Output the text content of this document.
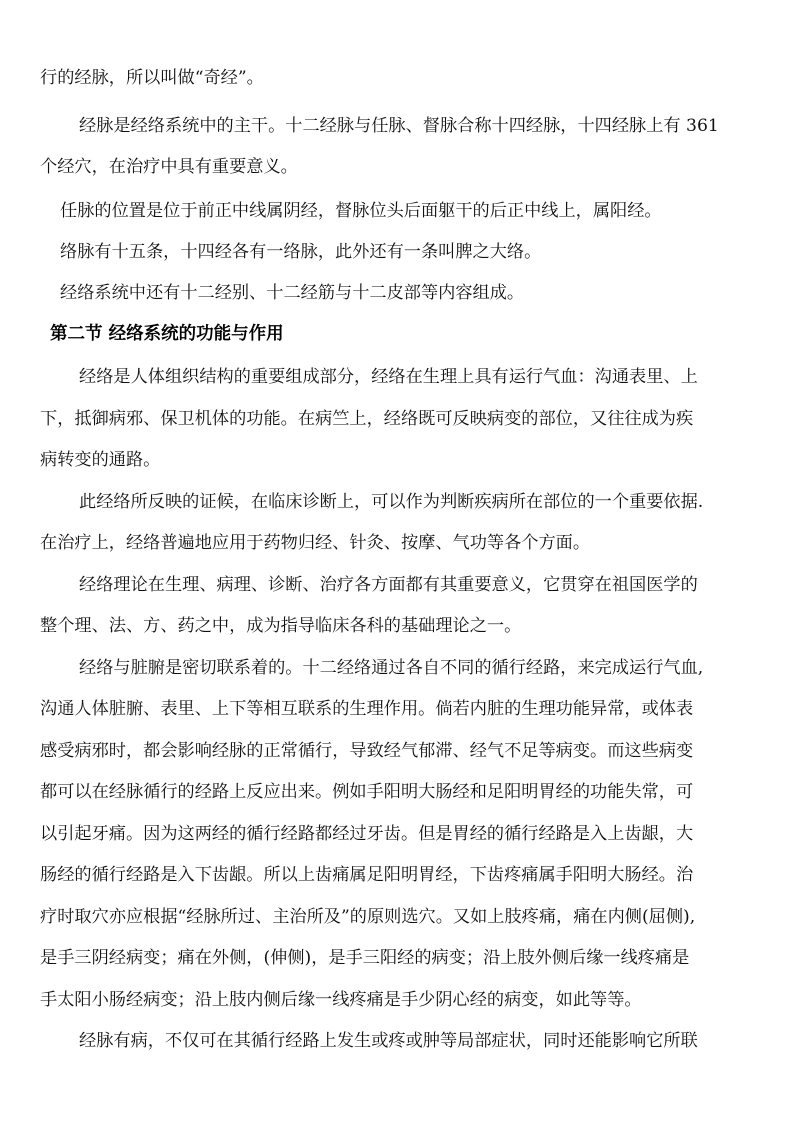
行的经脉，所以叫做“奇经”。
经脉是经络系统中的主干。十二经脉与任脉、督脉合称十四经脉，十四经脉上有 361
个经穴，在治疗中具有重要意义。
任脉的位置是位于前正中线属阴经，督脉位头后面躯干的后正中线上，属阳经。
络脉有十五条，十四经各有一络脉，此外还有一条叫脾之大络。
经络系统中还有十二经别、十二经筋与十二皮部等内容组成。
第二节 经络系统的功能与作用
经络是人体组织结构的重要组成部分，经络在生理上具有运行气血：沟通表里、上
下，抵御病邪、保卫机体的功能。在病竺上，经络既可反映病变的部位，又往往成为疾
病转变的通路。
此经络所反映的证候，在临床诊断上，可以作为判断疾病所在部位的一个重要依据.
在治疗上，经络普遍地应用于药物归经、针灸、按摩、气功等各个方面。
经络理论在生理、病理、诊断、治疗各方面都有其重要意义，它贯穿在祖国医学的
整个理、法、方、药之中，成为指导临床各科的基础理论之一。
经络与脏腑是密切联系着的。十二经络通过各自不同的循行经路，来完成运行气血,
沟通人体脏腑、表里、上下等相互联系的生理作用。倘若内脏的生理功能异常，或体表
感受病邪时，都会影响经脉的正常循行，导致经气郁滞、经气不足等病变。而这些病变
都可以在经脉循行的经路上反应出来。例如手阳明大肠经和足阳明胃经的功能失常，可
以引起牙痛。因为这两经的循行经路都经过牙齿。但是胃经的循行经路是入上齿龈，大
肠经的循行经路是入下齿龈。所以上齿痛属足阳明胃经，下齿疼痛属手阳明大肠经。治
疗时取穴亦应根据“经脉所过、主治所及”的原则选穴。又如上肢疼痛，痛在内侧(屈侧),
是手三阴经病变；痛在外侧，(伸侧)，是手三阳经的病变；沿上肢外侧后缘一线疼痛是
手太阳小肠经病变；沿上肢内侧后缘一线疼痛是手少阴心经的病变，如此等等。
经脉有病，不仅可在其循行经路上发生或疼或肿等局部症状，同时还能影响它所联
